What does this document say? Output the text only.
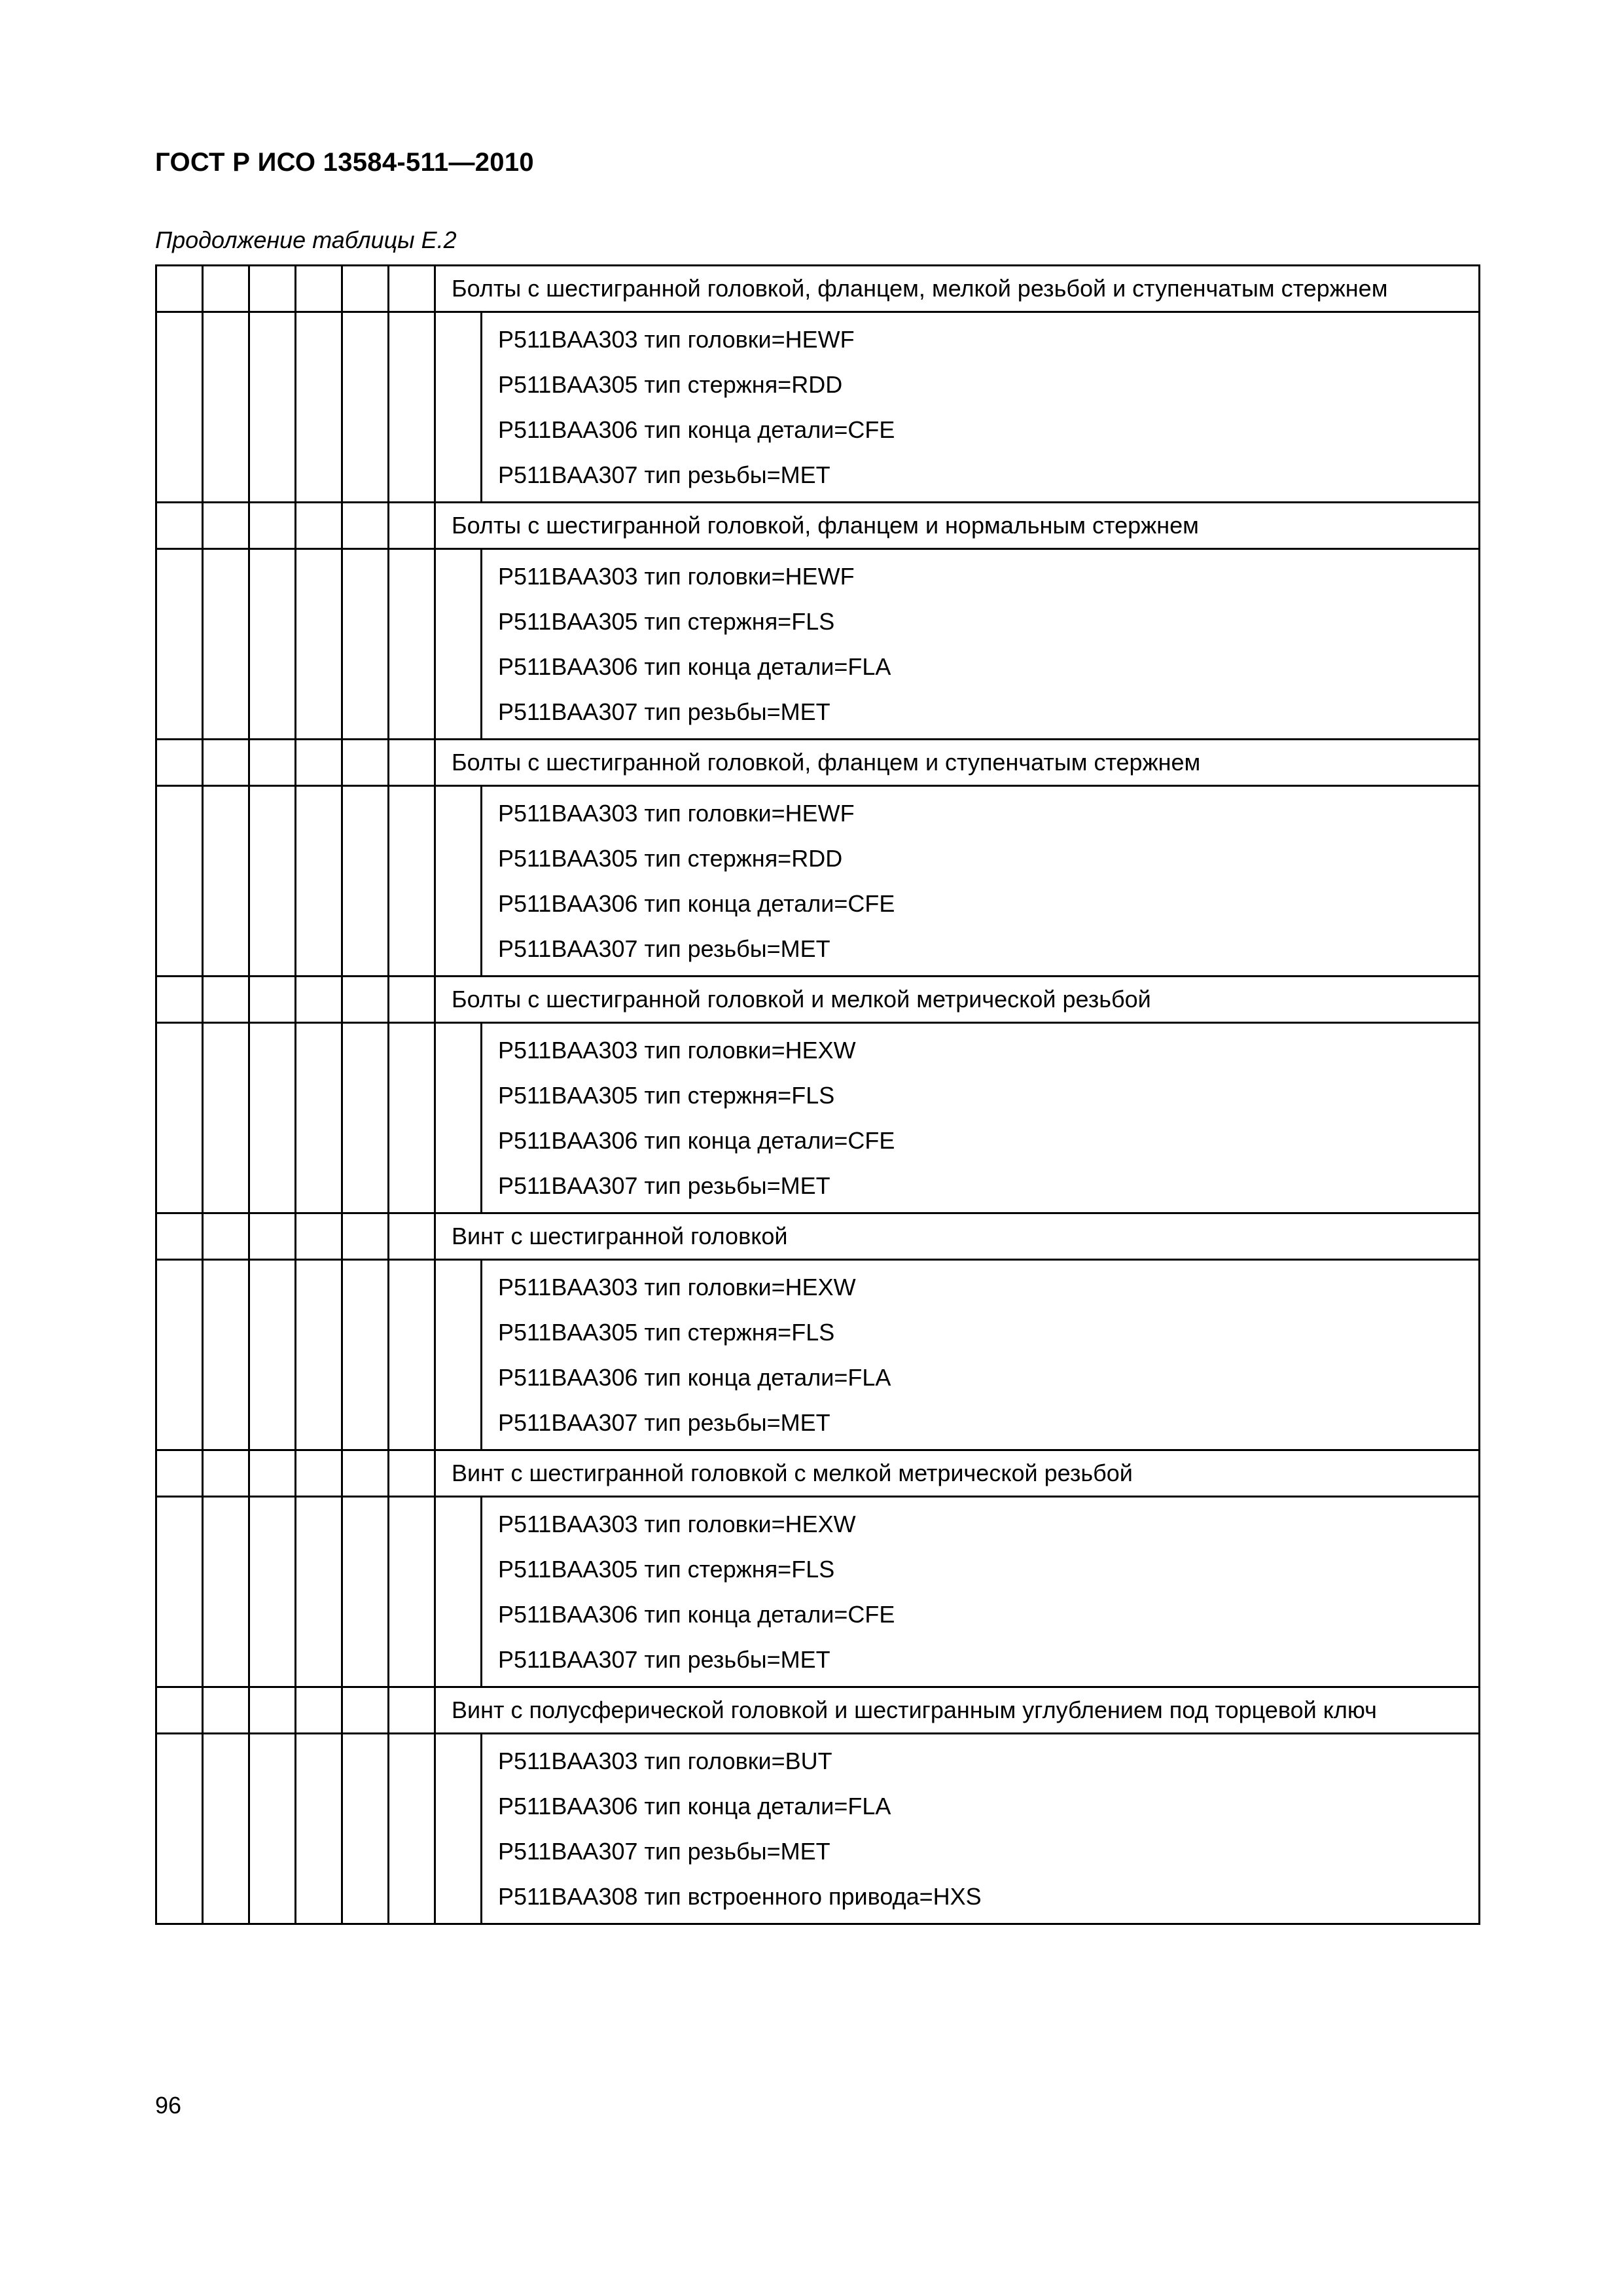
ГОСТ Р ИСО 13584-511—2010
Продолжение таблицы Е.2
						Болты с шестигранной головкой, фланцем, мелкой резьбой и ступенчатым стержнем	

							P511BAA303 тип головки=HEWF
P511BAA305 тип стержня=RDD
P511BAA306 тип конца детали=CFE
P511BAA307 тип резьбы=MET

						Болты с шестигранной головкой, фланцем и нормальным стержнем	

							P511BAA303 тип головки=HEWF
P511BAA305 тип стержня=FLS
P511BAA306 тип конца детали=FLA
P511BAA307 тип резьбы=MET

						Болты с шестигранной головкой, фланцем и ступенчатым стержнем	

							P511BAA303 тип головки=HEWF
P511BAA305 тип стержня=RDD
P511BAA306 тип конца детали=CFE
P511BAA307 тип резьбы=MET

						Болты с шестигранной головкой и мелкой метрической резьбой	

							P511BAA303 тип головки=HEXW
P511BAA305 тип стержня=FLS
P511BAA306 тип конца детали=CFE
P511BAA307 тип резьбы=MET

						Винт с шестигранной головкой	

							P511BAA303 тип головки=HEXW
P511BAA305 тип стержня=FLS
P511BAA306 тип конца детали=FLA
P511BAA307 тип резьбы=MET

						Винт с шестигранной головкой с мелкой метрической резьбой	

							P511BAA303 тип головки=HEXW
P511BAA305 тип стержня=FLS
P511BAA306 тип конца детали=CFE
P511BAA307 тип резьбы=MET

						Винт с полусферической головкой и шестигранным углублением под торцевой ключ	

							P511BAA303 тип головки=BUT
P511BAA306 тип конца детали=FLA
P511BAA307 тип резьбы=MET
P511BAA308 тип встроенного привода=HXS
96
